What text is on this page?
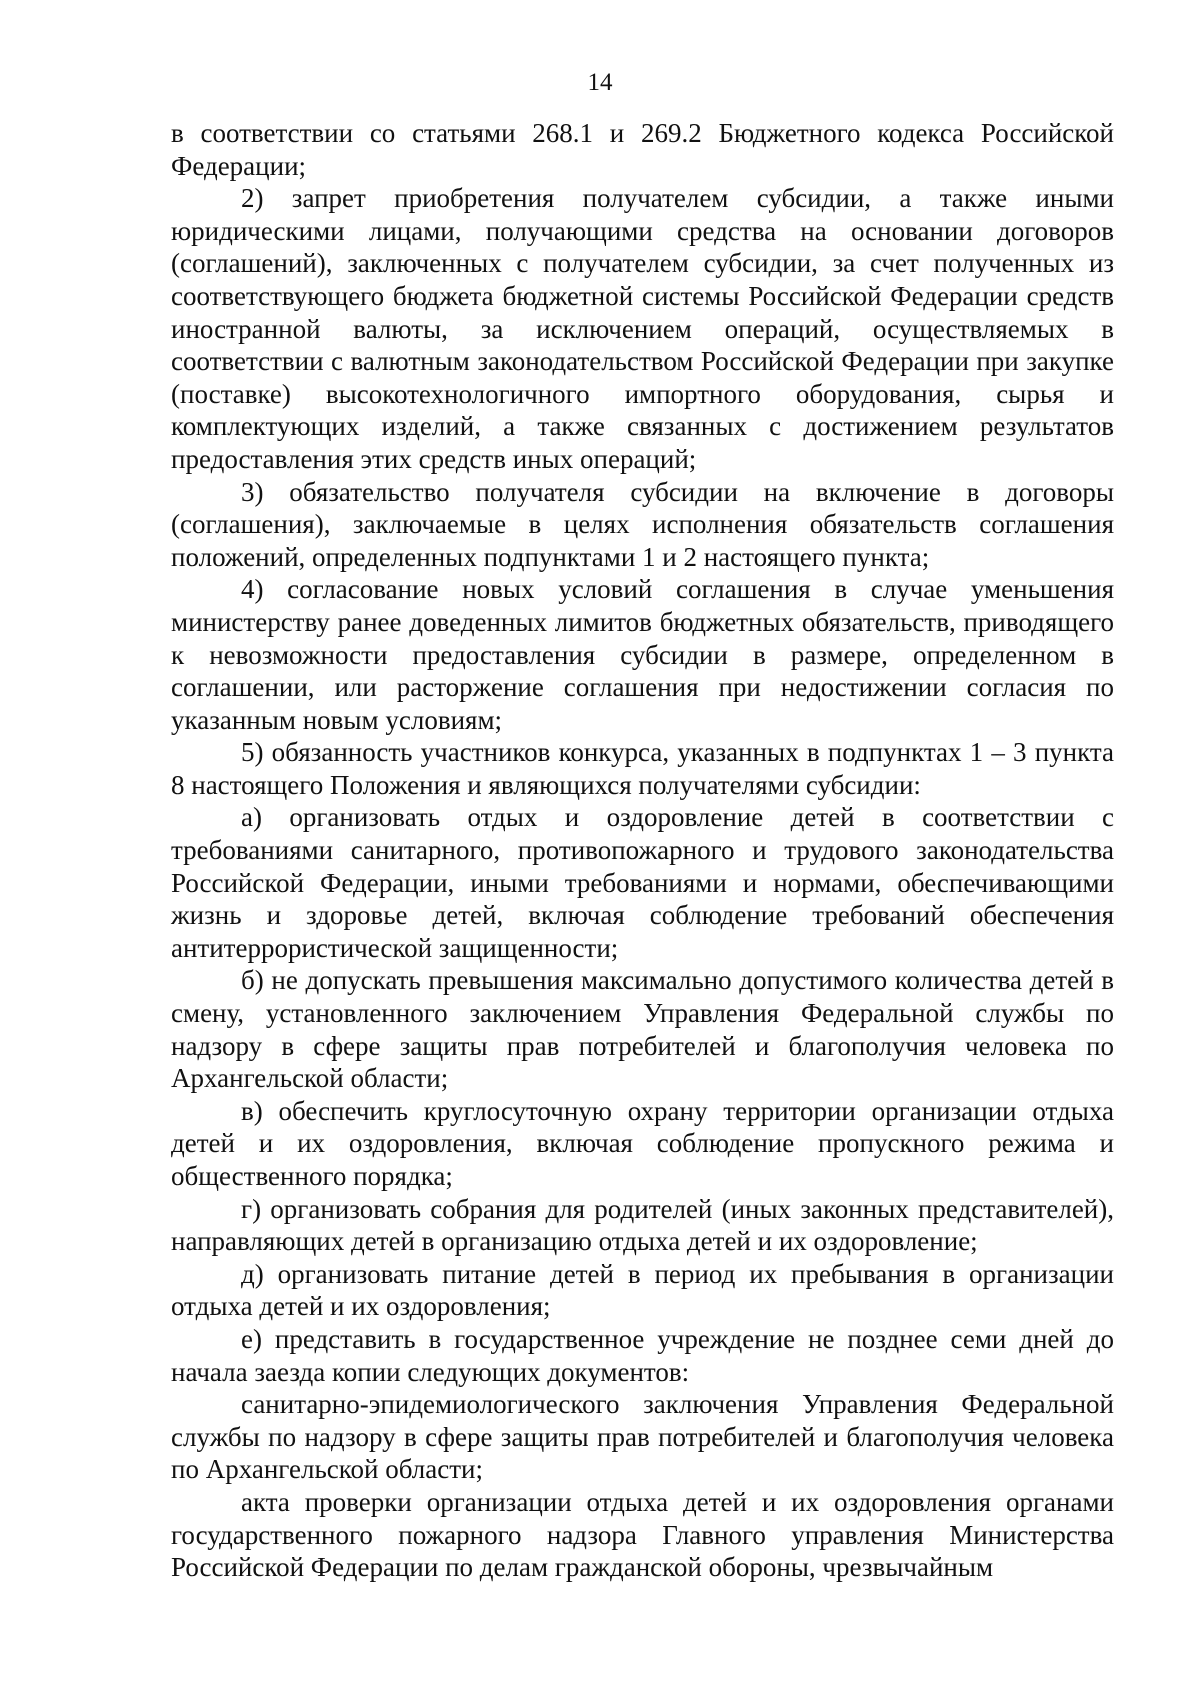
14

в соответствии со статьями 268.1 и 269.2 Бюджетного кодекса Российской Федерации;

2) запрет приобретения получателем субсидии, а также иными юридическими лицами, получающими средства на основании договоров (соглашений), заключенных с получателем субсидии, за счет полученных из соответствующего бюджета бюджетной системы Российской Федерации средств иностранной валюты, за исключением операций, осуществляемых в соответствии с валютным законодательством Российской Федерации при закупке (поставке) высокотехнологичного импортного оборудования, сырья и комплектующих изделий, а также связанных с достижением результатов предоставления этих средств иных операций;

3) обязательство получателя субсидии на включение в договоры (соглашения), заключаемые в целях исполнения обязательств соглашения положений, определенных подпунктами 1 и 2 настоящего пункта;

4) согласование новых условий соглашения в случае уменьшения министерству ранее доведенных лимитов бюджетных обязательств, приводящего к невозможности предоставления субсидии в размере, определенном в соглашении, или расторжение соглашения при недостижении согласия по указанным новым условиям;

5) обязанность участников конкурса, указанных в подпунктах 1 – 3 пункта 8 настоящего Положения и являющихся получателями субсидии:

а) организовать отдых и оздоровление детей в соответствии с требованиями санитарного, противопожарного и трудового законодательства Российской Федерации, иными требованиями и нормами, обеспечивающими жизнь и здоровье детей, включая соблюдение требований обеспечения антитеррористической защищенности;

б) не допускать превышения максимально допустимого количества детей в смену, установленного заключением Управления Федеральной службы по надзору в сфере защиты прав потребителей и благополучия человека по Архангельской области;

в) обеспечить круглосуточную охрану территории организации отдыха детей и их оздоровления, включая соблюдение пропускного режима и общественного порядка;

г) организовать собрания для родителей (иных законных представителей), направляющих детей в организацию отдыха детей и их оздоровление;

д) организовать питание детей в период их пребывания в организации отдыха детей и их оздоровления;

е) представить в государственное учреждение не позднее семи дней до начала заезда копии следующих документов:

санитарно-эпидемиологического заключения Управления Федеральной службы по надзору в сфере защиты прав потребителей и благополучия человека по Архангельской области;

акта проверки организации отдыха детей и их оздоровления органами государственного пожарного надзора Главного управления Министерства Российской Федерации по делам гражданской обороны, чрезвычайным
